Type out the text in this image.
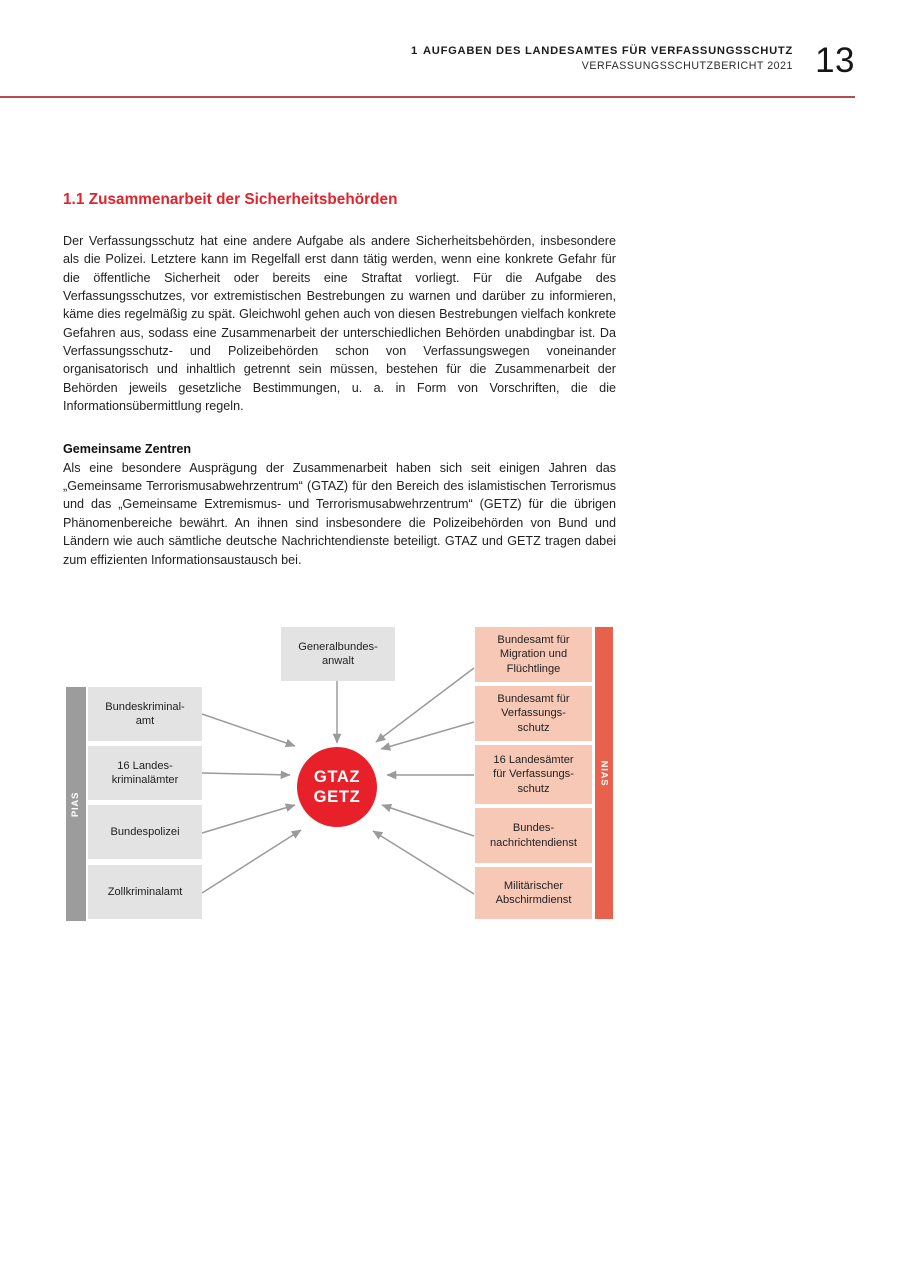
1 AUFGABEN DES LANDESAMTES FÜR VERFASSUNGSSCHUTZ
VERFASSUNGSSCHUTZBERICHT 2021 13
1.1 Zusammenarbeit der Sicherheitsbehörden

Der Verfassungsschutz hat eine andere Aufgabe als andere Sicherheitsbehörden, insbesondere als die Polizei. Letztere kann im Regelfall erst dann tätig werden, wenn eine konkrete Gefahr für die öffentliche Sicherheit oder bereits eine Straftat vorliegt. Für die Aufgabe des Verfassungsschutzes, vor extremistischen Bestrebungen zu warnen und darüber zu informieren, käme dies regelmäßig zu spät. Gleichwohl gehen auch von diesen Bestrebungen vielfach konkrete Gefahren aus, sodass eine Zusammenarbeit der unterschiedlichen Behörden unabdingbar ist. Da Verfassungsschutz- und Polizeibehörden schon von Verfassungswegen voneinander organisatorisch und inhaltlich getrennt sein müssen, bestehen für die Zusammenarbeit der Behörden jeweils gesetzliche Bestimmungen, u. a. in Form von Vorschriften, die die Informationsübermittlung regeln.

Gemeinsame Zentren

Als eine besondere Ausprägung der Zusammenarbeit haben sich seit einigen Jahren das „Gemeinsame Terrorismusabwehrzentrum“ (GTAZ) für den Bereich des islamistischen Terrorismus und das „Gemeinsame Extremismus- und Terrorismusabwehrzentrum“ (GETZ) für die übrigen Phänomenbereiche bewährt. An ihnen sind insbesondere die Polizeibehörden von Bund und Ländern wie auch sämtliche deutsche Nachrichtendienste beteiligt. GTAZ und GETZ tragen dabei zum effizienten Informationsaustausch bei.

Generalbundes-
anwalt
PIAS
Bundeskriminal-
amt
16 Landes-
kriminalämter
Bundespolizei
Zollkriminalamt
Bundesamt für
Migration und
Flüchtlinge
Bundesamt für
Verfassungs-
schutz
16 Landesämter
für Verfassungs-
schutz
Bundes-
nachrichtendienst
Militärischer
Abschirmdienst
NIAS
GTAZ
GETZ
